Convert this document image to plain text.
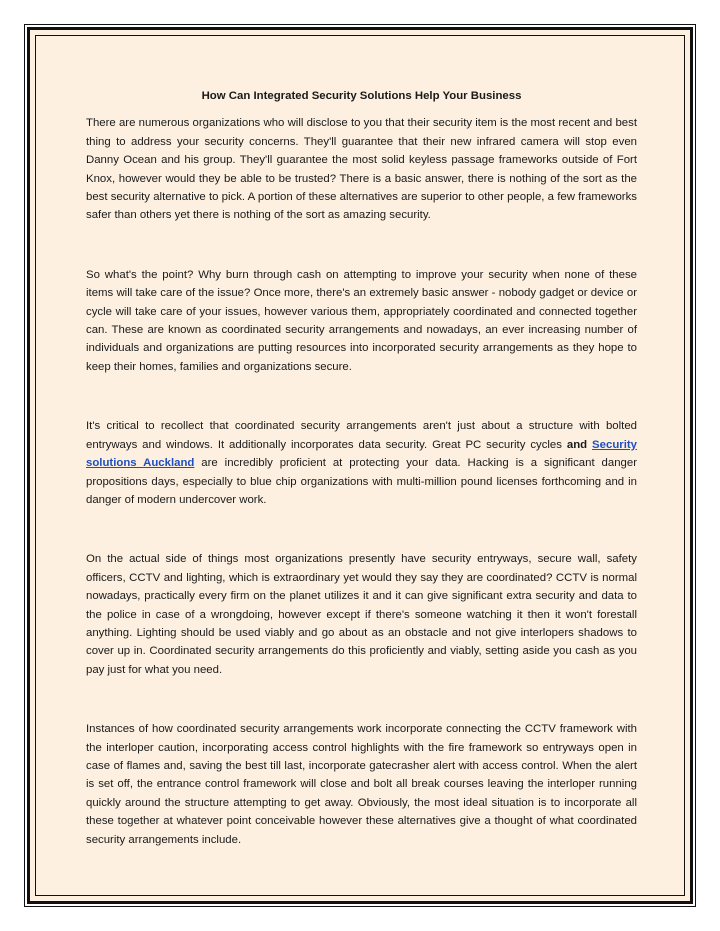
How Can Integrated Security Solutions Help Your Business

There are numerous organizations who will disclose to you that their security item is the most recent and best thing to address your security concerns. They'll guarantee that their new infrared camera will stop even Danny Ocean and his group. They'll guarantee the most solid keyless passage frameworks outside of Fort Knox, however would they be able to be trusted? There is a basic answer, there is nothing of the sort as the best security alternative to pick. A portion of these alternatives are superior to other people, a few frameworks safer than others yet there is nothing of the sort as amazing security.

So what's the point? Why burn through cash on attempting to improve your security when none of these items will take care of the issue? Once more, there's an extremely basic answer - nobody gadget or device or cycle will take care of your issues, however various them, appropriately coordinated and connected together can. These are known as coordinated security arrangements and nowadays, an ever increasing number of individuals and organizations are putting resources into incorporated security arrangements as they hope to keep their homes, families and organizations secure.

It's critical to recollect that coordinated security arrangements aren't just about a structure with bolted entryways and windows. It additionally incorporates data security. Great PC security cycles and Security solutions Auckland are incredibly proficient at protecting your data. Hacking is a significant danger propositions days, especially to blue chip organizations with multi-million pound licenses forthcoming and in danger of modern undercover work.

On the actual side of things most organizations presently have security entryways, secure wall, safety officers, CCTV and lighting, which is extraordinary yet would they say they are coordinated? CCTV is normal nowadays, practically every firm on the planet utilizes it and it can give significant extra security and data to the police in case of a wrongdoing, however except if there's someone watching it then it won't forestall anything. Lighting should be used viably and go about as an obstacle and not give interlopers shadows to cover up in. Coordinated security arrangements do this proficiently and viably, setting aside you cash as you pay just for what you need.

Instances of how coordinated security arrangements work incorporate connecting the CCTV framework with the interloper caution, incorporating access control highlights with the fire framework so entryways open in case of flames and, saving the best till last, incorporate gatecrasher alert with access control. When the alert is set off, the entrance control framework will close and bolt all break courses leaving the interloper running quickly around the structure attempting to get away. Obviously, the most ideal situation is to incorporate all these together at whatever point conceivable however these alternatives give a thought of what coordinated security arrangements include.
